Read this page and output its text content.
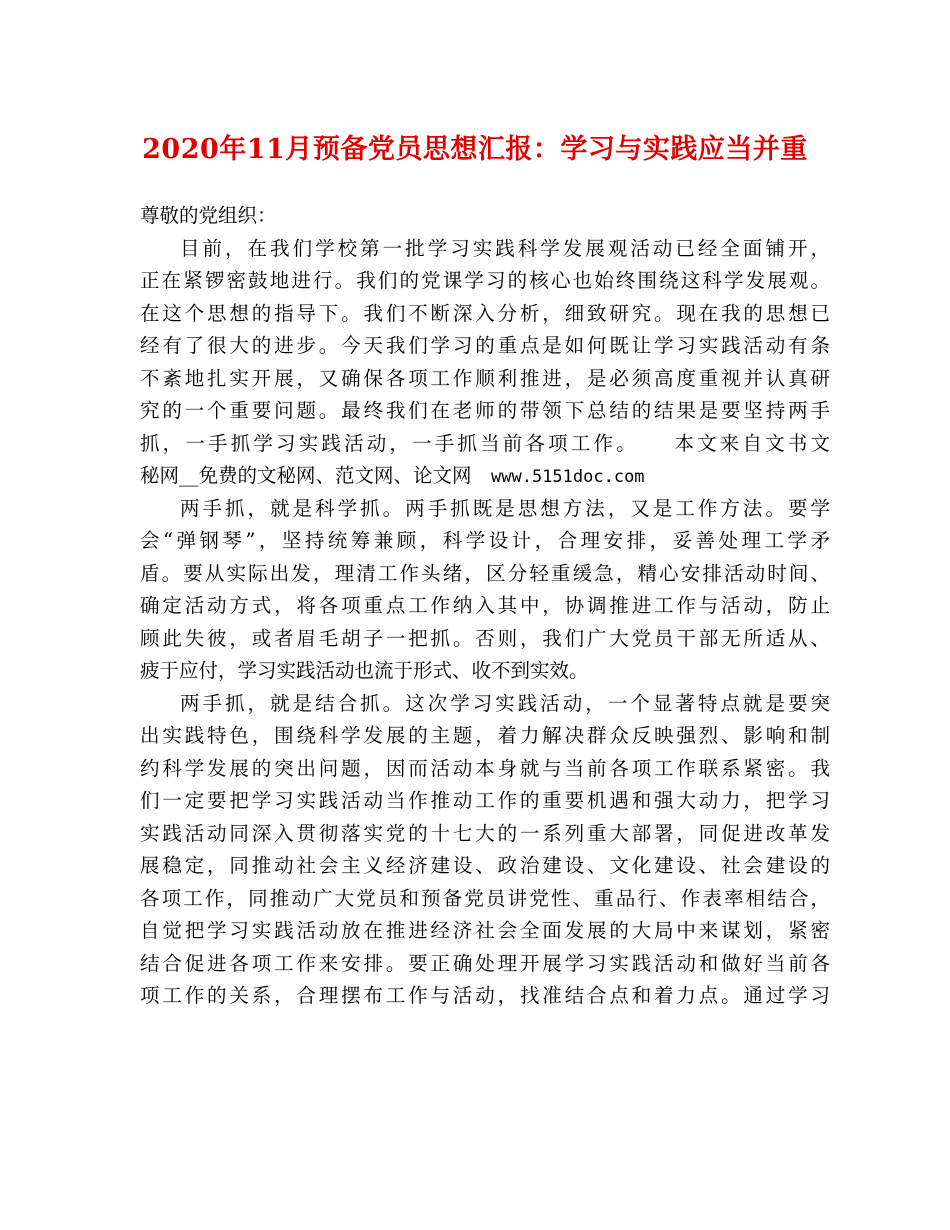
2020年11月预备党员思想汇报：学习与实践应当并重
尊敬的党组织：
目前，在我们学校第一批学习实践科学发展观活动已经全面铺开，
正在紧锣密鼓地进行。我们的党课学习的核心也始终围绕这科学发展观。
在这个思想的指导下。我们不断深入分析，细致研究。现在我的思想已
经有了很大的进步。今天我们学习的重点是如何既让学习实践活动有条
不紊地扎实开展，又确保各项工作顺利推进，是必须高度重视并认真研
究的一个重要问题。最终我们在老师的带领下总结的结果是要坚持两手
抓，一手抓学习实践活动，一手抓当前各项工作。　　本文来自文书文
秘网__免费的文秘网、范文网、论文网　www.5151doc.com
两手抓，就是科学抓。两手抓既是思想方法，又是工作方法。要学
会“弹钢琴”，坚持统筹兼顾，科学设计，合理安排，妥善处理工学矛
盾。要从实际出发，理清工作头绪，区分轻重缓急，精心安排活动时间、
确定活动方式，将各项重点工作纳入其中，协调推进工作与活动，防止
顾此失彼，或者眉毛胡子一把抓。否则，我们广大党员干部无所适从、
疲于应付，学习实践活动也流于形式、收不到实效。
两手抓，就是结合抓。这次学习实践活动，一个显著特点就是要突
出实践特色，围绕科学发展的主题，着力解决群众反映强烈、影响和制
约科学发展的突出问题，因而活动本身就与当前各项工作联系紧密。我
们一定要把学习实践活动当作推动工作的重要机遇和强大动力，把学习
实践活动同深入贯彻落实党的十七大的一系列重大部署，同促进改革发
展稳定，同推动社会主义经济建设、政治建设、文化建设、社会建设的
各项工作，同推动广大党员和预备党员讲党性、重品行、作表率相结合，
自觉把学习实践活动放在推进经济社会全面发展的大局中来谋划，紧密
结合促进各项工作来安排。要正确处理开展学习实践活动和做好当前各
项工作的关系，合理摆布工作与活动，找准结合点和着力点。通过学习
